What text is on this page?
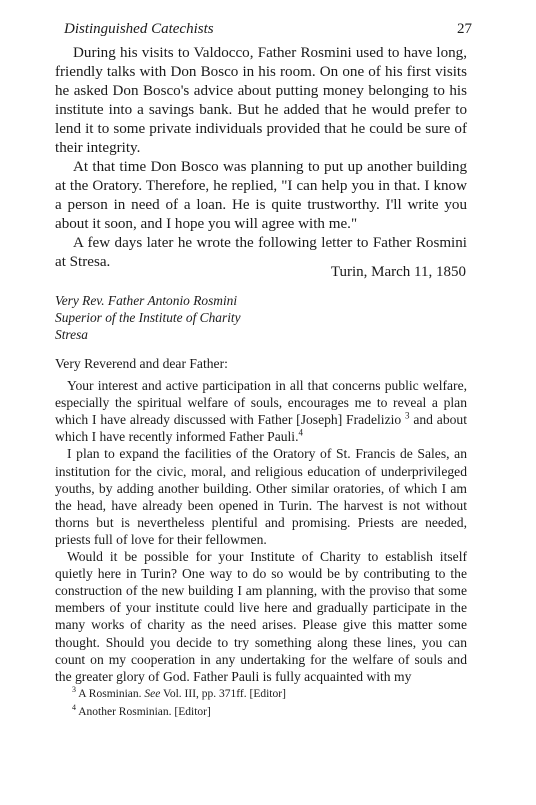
Distinguished Catechists	27

During his visits to Valdocco, Father Rosmini used to have long, friendly talks with Don Bosco in his room. On one of his first visits he asked Don Bosco's advice about putting money belonging to his institute into a savings bank. But he added that he would prefer to lend it to some private individuals provided that he could be sure of their integrity.

At that time Don Bosco was planning to put up another building at the Oratory. Therefore, he replied, "I can help you in that. I know a person in need of a loan. He is quite trustworthy. I'll write you about it soon, and I hope you will agree with me."

A few days later he wrote the following letter to Father Rosmini at Stresa.

Turin, March 11, 1850
Very Rev. Father Antonio Rosmini
Superior of the Institute of Charity
Stresa

Very Reverend and dear Father:

Your interest and active participation in all that concerns public welfare, especially the spiritual welfare of souls, encourages me to reveal a plan which I have already discussed with Father [Joseph] Fradelizio $^3$ and about which I have recently informed Father Pauli.$^4$

I plan to expand the facilities of the Oratory of St. Francis de Sales, an institution for the civic, moral, and religious education of underprivileged youths, by adding another building. Other similar oratories, of which I am the head, have already been opened in Turin. The harvest is not without thorns but is nevertheless plentiful and promising. Priests are needed, priests full of love for their fellowmen.

Would it be possible for your Institute of Charity to establish itself quietly here in Turin? One way to do so would be by contributing to the construction of the new building I am planning, with the proviso that some members of your institute could live here and gradually participate in the many works of charity as the need arises. Please give this matter some thought. Should you decide to try something along these lines, you can count on my cooperation in any undertaking for the welfare of souls and the greater glory of God. Father Pauli is fully acquainted with my

$^3$ A Rosminian. See Vol. III, pp. 371ff. [Editor]
$^4$ Another Rosminian. [Editor]
